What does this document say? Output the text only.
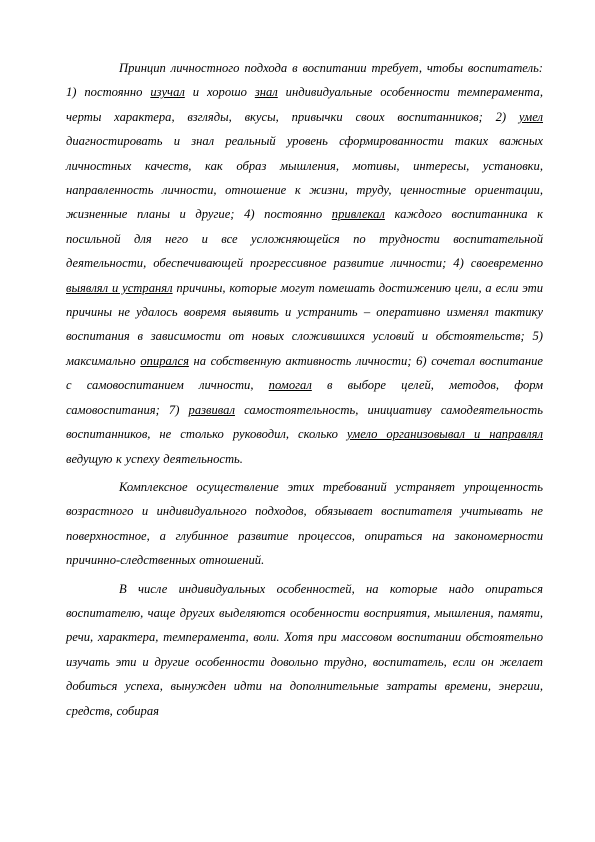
Принцип личностного подхода в воспитании требует, чтобы воспитатель: 1) постоянно изучал и хорошо знал индивидуальные особенности темперамента, черты характера, взгляды, вкусы, привычки своих воспитанников; 2) умел диагностировать и знал реальный уровень сформированности таких важных личностных качеств, как образ мышления, мотивы, интересы, установки, направленность личности, отношение к жизни, труду, ценностные ориентации, жизненные планы и другие; 4) постоянно привлекал каждого воспитанника к посильной для него и все усложняющейся по трудности воспитательной деятельности, обеспечивающей прогрессивное развитие личности; 4) своевременно выявлял и устранял причины, которые могут помешать достижению цели, а если эти причины не удалось вовремя выявить и устранить – оперативно изменял тактику воспитания в зависимости от новых сложившихся условий и обстоятельств; 5) максимально опирался на собственную активность личности; 6) сочетал воспитание с самовоспитанием личности, помогал в выборе целей, методов, форм самовоспитания; 7) развивал самостоятельность, инициативу самодеятельность воспитанников, не столько руководил, сколько умело организовывал и направлял ведущую к успеху деятельность.

Комплексное осуществление этих требований устраняет упрощенность возрастного и индивидуального подходов, обязывает воспитателя учитывать не поверхностное, а глубинное развитие процессов, опираться на закономерности причинно-следственных отношений.

В числе индивидуальных особенностей, на которые надо опираться воспитателю, чаще других выделяются особенности восприятия, мышления, памяти, речи, характера, темперамента, воли. Хотя при массовом воспитании обстоятельно изучать эти и другие особенности довольно трудно, воспитатель, если он желает добиться успеха, вынужден идти на дополнительные затраты времени, энергии, средств, собирая
